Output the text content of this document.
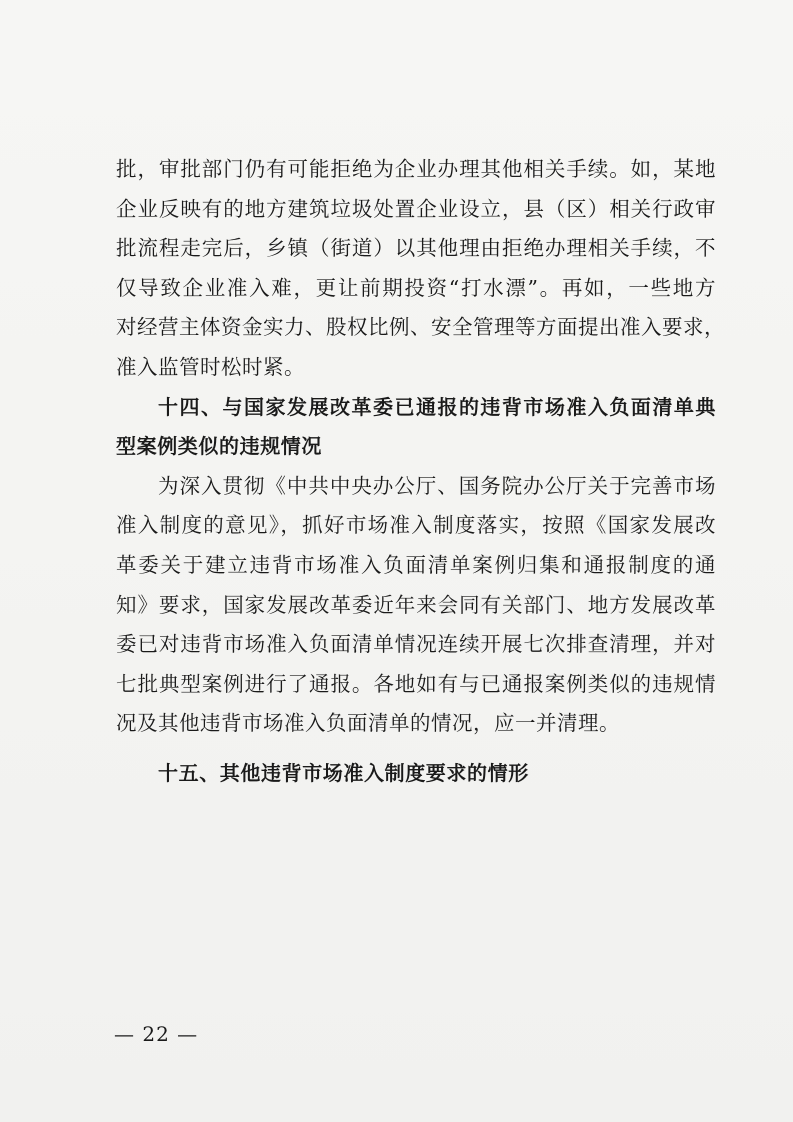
批，审批部门仍有可能拒绝为企业办理其他相关手续。如，某地
企业反映有的地方建筑垃圾处置企业设立，县（区）相关行政审
批流程走完后，乡镇（街道）以其他理由拒绝办理相关手续，不
仅导致企业准入难，更让前期投资“打水漂”。再如，一些地方
对经营主体资金实力、股权比例、安全管理等方面提出准入要求，
准入监管时松时紧。
十四、与国家发展改革委已通报的违背市场准入负面清单典
型案例类似的违规情况
为深入贯彻《中共中央办公厅、国务院办公厅关于完善市场
准入制度的意见》，抓好市场准入制度落实，按照《国家发展改
革委关于建立违背市场准入负面清单案例归集和通报制度的通
知》要求，国家发展改革委近年来会同有关部门、地方发展改革
委已对违背市场准入负面清单情况连续开展七次排查清理，并对
七批典型案例进行了通报。各地如有与已通报案例类似的违规情
况及其他违背市场准入负面清单的情况，应一并清理。
十五、其他违背市场准入制度要求的情形
— 22 —
